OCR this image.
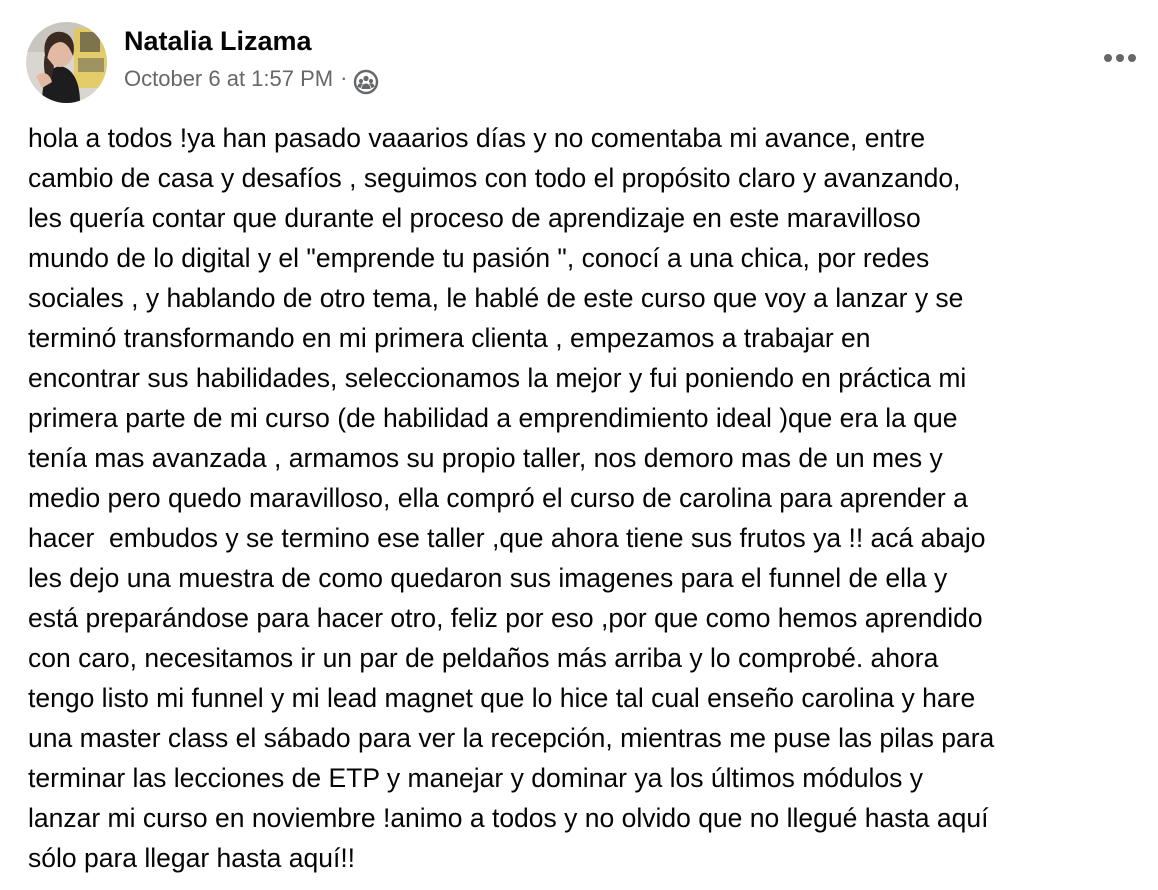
Natalia Lizama
October 6 at 1:57 PM ·

hola a todos !ya han pasado vaaarios días y no comentaba mi avance, entre
cambio de casa y desafíos , seguimos con todo el propósito claro y avanzando,
les quería contar que durante el proceso de aprendizaje en este maravilloso
mundo de lo digital y el "emprende tu pasión ", conocí a una chica, por redes
sociales , y hablando de otro tema, le hablé de este curso que voy a lanzar y se
terminó transformando en mi primera clienta , empezamos a trabajar en
encontrar sus habilidades, seleccionamos la mejor y fui poniendo en práctica mi
primera parte de mi curso (de habilidad a emprendimiento ideal )que era la que
tenía mas avanzada , armamos su propio taller, nos demoro mas de un mes y
medio pero quedo maravilloso, ella compró el curso de carolina para aprender a
hacer  embudos y se termino ese taller ,que ahora tiene sus frutos ya !! acá abajo
les dejo una muestra de como quedaron sus imagenes para el funnel de ella y
está preparándose para hacer otro, feliz por eso ,por que como hemos aprendido
con caro, necesitamos ir un par de peldaños más arriba y lo comprobé. ahora
tengo listo mi funnel y mi lead magnet que lo hice tal cual enseño carolina y hare
una master class el sábado para ver la recepción, mientras me puse las pilas para
terminar las lecciones de ETP y manejar y dominar ya los últimos módulos y
lanzar mi curso en noviembre !animo a todos y no olvido que no llegué hasta aquí
sólo para llegar hasta aquí!!
